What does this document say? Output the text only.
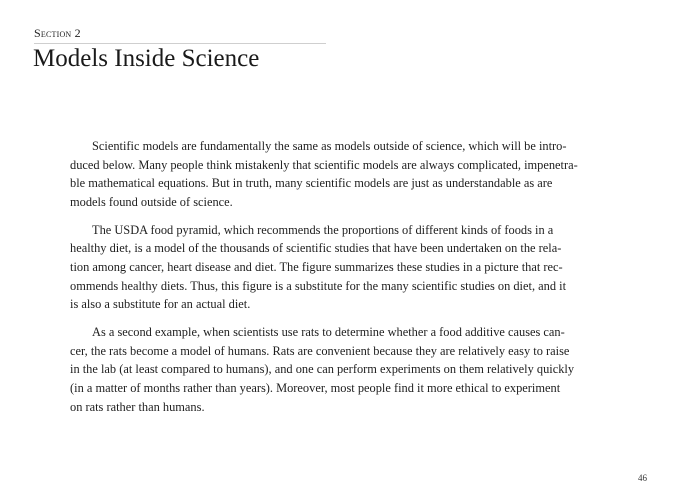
Section 2

Models Inside Science
Scientific models are fundamentally the same as models outside of science, which will be intro-
duced below. Many people think mistakenly that scientific models are always complicated, impenetra-
ble mathematical equations. But in truth, many scientific models are just as understandable as are
models found outside of science.
The USDA food pyramid, which recommends the proportions of different kinds of foods in a
healthy diet, is a model of the thousands of scientific studies that have been undertaken on the rela-
tion among cancer, heart disease and diet. The figure summarizes these studies in a picture that rec-
ommends healthy diets. Thus, this figure is a substitute for the many scientific studies on diet, and it
is also a substitute for an actual diet.
As a second example, when scientists use rats to determine whether a food additive causes can-
cer, the rats become a model of humans. Rats are convenient because they are relatively easy to raise
in the lab (at least compared to humans), and one can perform experiments on them relatively quickly
(in a matter of months rather than years). Moreover, most people find it more ethical to experiment
on rats rather than humans.

46
